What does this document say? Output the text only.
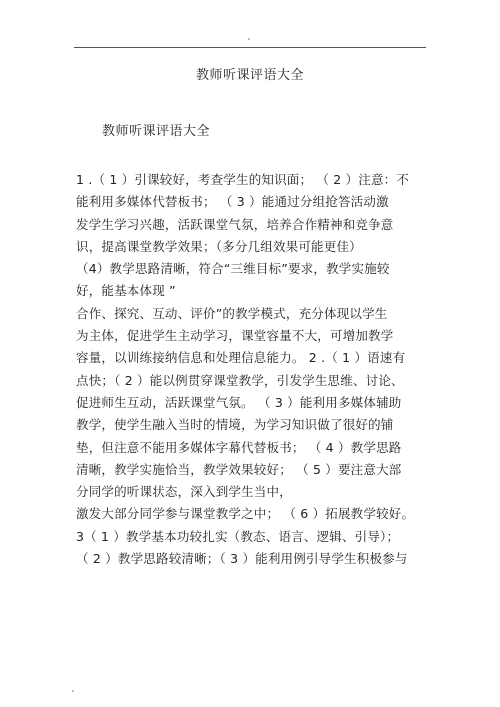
教师听课评语大全
教师听课评语大全
1 .（ 1 ）引课较好，考查学生的知识面； （ 2 ）注意：不
能利用多媒体代替板书； （ 3 ）能通过分组抢答活动激
发学生学习兴趣，活跃课堂气氛，培养合作精神和竞争意
识，提高课堂教学效果；（多分几组效果可能更佳）
（4）教学思路清晰，符合“三维目标”要求，教学实施较
好，能基本体现 ”
合作、探究、互动、评价”的教学模式，充分体现以学生
为主体，促进学生主动学习，课堂容量不大，可增加教学
容量，以训练接纳信息和处理信息能力。 2 .（ 1 ）语速有
点快；（ 2 ）能以例贯穿课堂教学，引发学生思维、讨论、
促进师生互动，活跃课堂气氛。 （ 3 ）能利用多媒体辅助
教学，使学生融入当时的情境，为学习知识做了很好的铺
垫，但注意不能用多媒体字幕代替板书； （ 4 ）教学思路
清晰，教学实施恰当，教学效果较好； （ 5 ）要注意大部
分同学的听课状态，深入到学生当中，
激发大部分同学参与课堂教学之中； （ 6 ）拓展教学较好。
3（ 1 ）教学基本功较扎实（教态、语言、逻辑、引导）；
（ 2 ）教学思路较清晰；（ 3 ）能利用例引导学生积极参与
